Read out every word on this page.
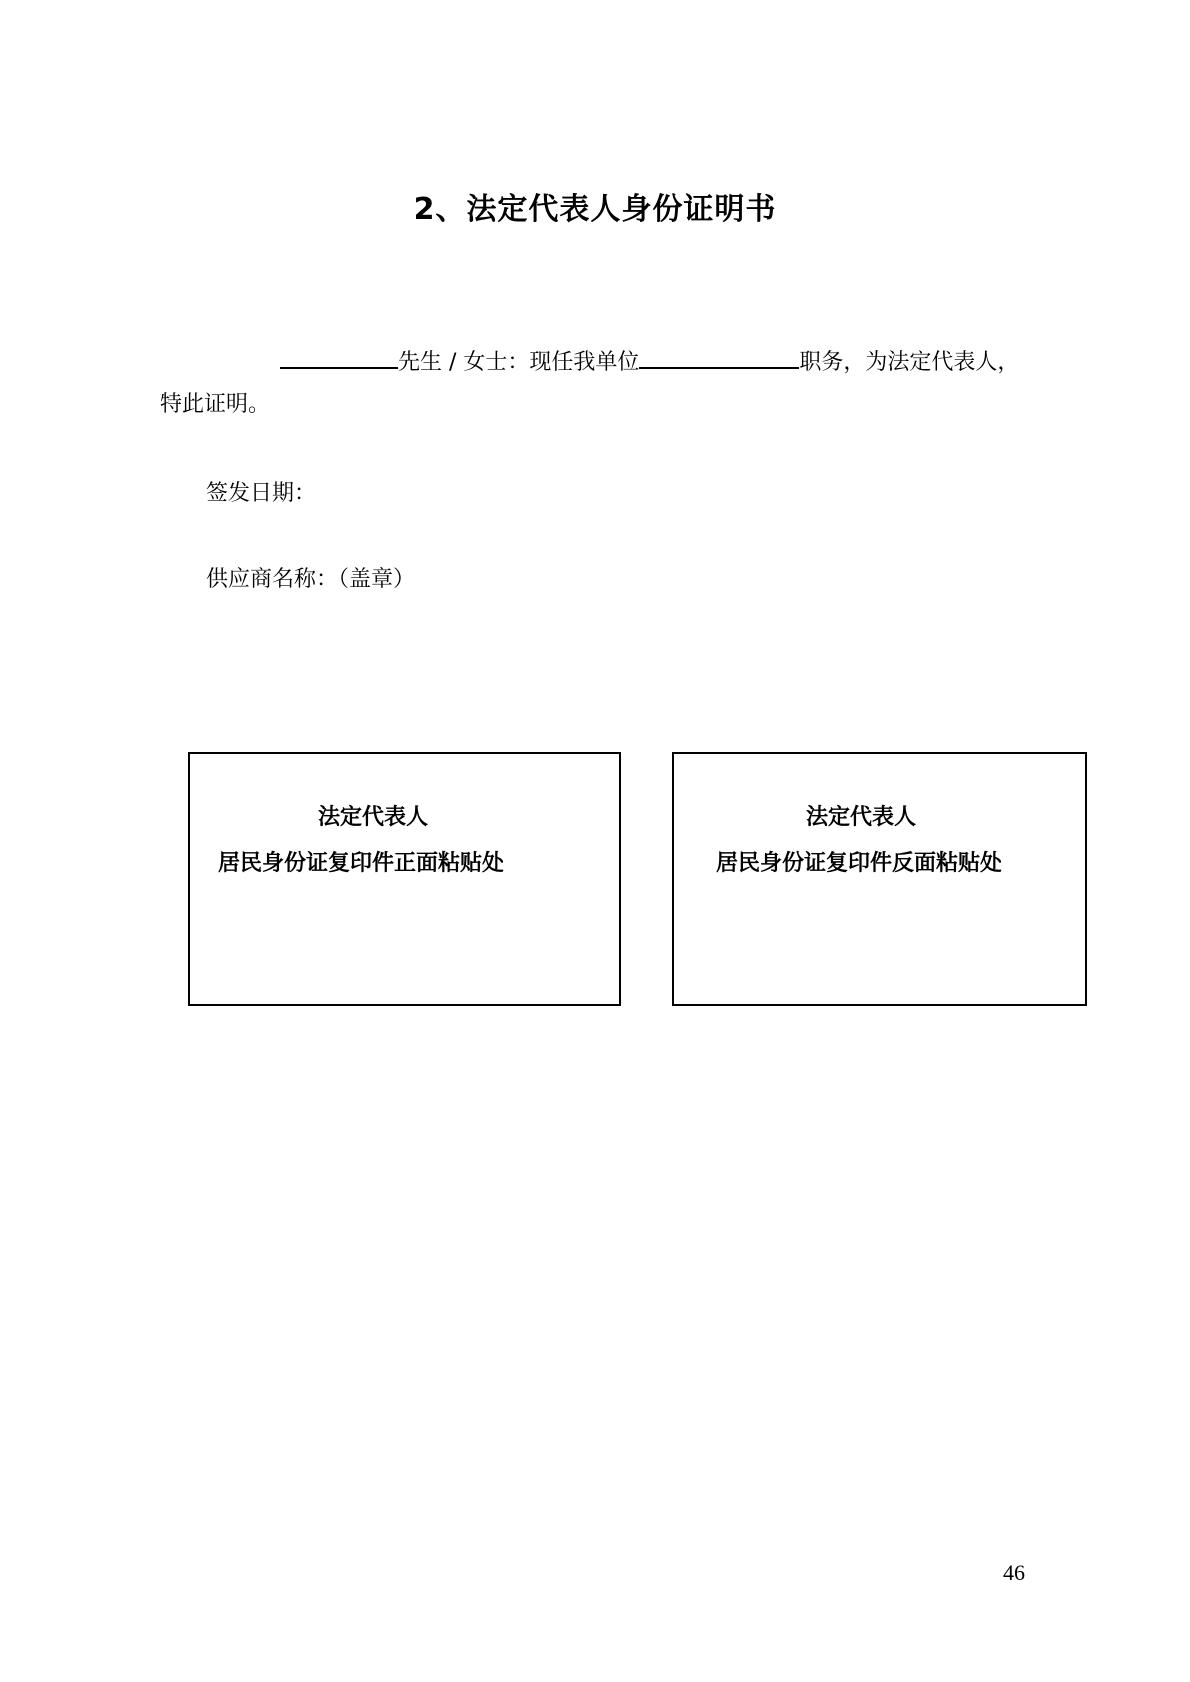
2、法定代表人身份证明书
先生 / 女士：现任我单位	职务，为法定代表人，
特此证明。
签发日期：
供应商名称：（盖章）
法定代表人
居民身份证复印件正面粘贴处
法定代表人
居民身份证复印件反面粘贴处
46
